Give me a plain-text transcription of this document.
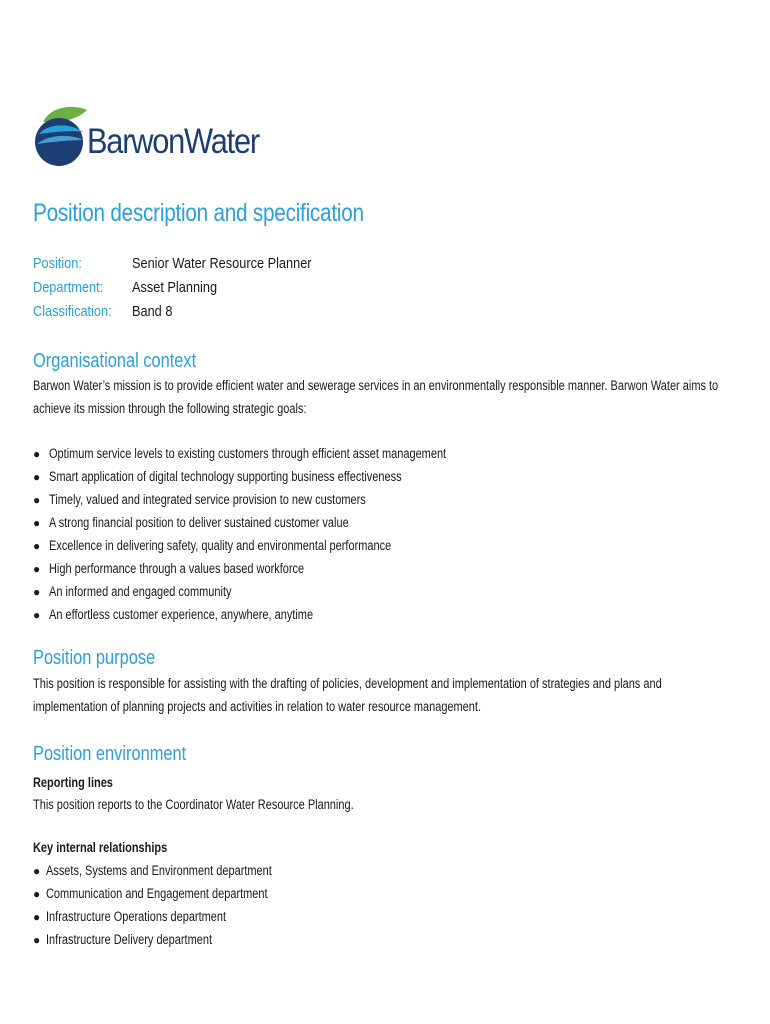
BarwonWater
Position description and specification
Position:	Senior Water Resource Planner
Department: Asset Planning
Classification: Band 8
Organisational context

Barwon Water’s mission is to provide efficient water and sewerage services in an environmentally responsible manner. Barwon Water aims to achieve its mission through the following strategic goals:

● Optimum service levels to existing customers through efficient asset management
● Smart application of digital technology supporting business effectiveness
● Timely, valued and integrated service provision to new customers
● A strong financial position to deliver sustained customer value
● Excellence in delivering safety, quality and environmental performance
● High performance through a values based workforce
● An informed and engaged community
● An effortless customer experience, anywhere, anytime
Position purpose

This position is responsible for assisting with the drafting of policies, development and implementation of strategies and plans and implementation of planning projects and activities in relation to water resource management.

Position environment

Reporting lines

This position reports to the Coordinator Water Resource Planning.

Key internal relationships

● Assets, Systems and Environment department
● Communication and Engagement department
● Infrastructure Operations department
● Infrastructure Delivery department
